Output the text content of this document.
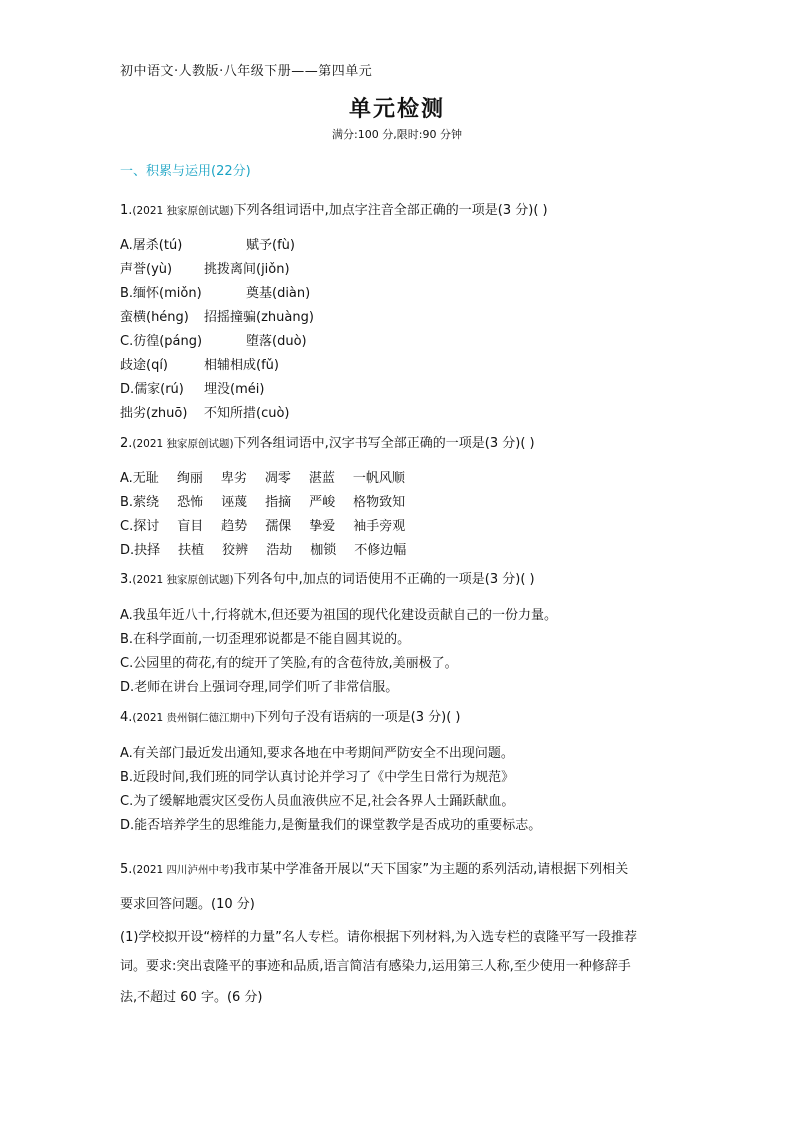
初中语文·人教版·八年级下册——第四单元
单元检测
满分:100 分,限时:90 分钟
一、积累与运用(22分)
1.(2021 独家原创试题)下列各组词语中,加点字注音全部正确的一项是(3 分)( )
A.屠杀(tú)	赋予(fù)
声誉(yù) 挑拨离间(jiǒn)
B.缅怀(miǒn)	奠基(diàn)
蛮横(héng) 招摇撞骗(zhuàng)
C.彷徨(páng)	堕落(duò)
歧途(qí)	相辅相成(fǔ)
D.儒家(rú) 埋没(méi)
拙劣(zhuō) 不知所措(cuò)
2.(2021 独家原创试题)下列各组词语中,汉字书写全部正确的一项是(3 分)( )
A.无耻 绚丽 卑劣 凋零 湛蓝 一帆风顺
B.萦绕 恐怖 诬蔑 指摘 严峻 格物致知
C.探讨 盲目 趋势 孺倮 挚爱 袖手旁观
D.抉择 扶植 狡辨 浩劫 枷锁 不修边幅
3.(2021 独家原创试题)下列各句中,加点的词语使用不正确的一项是(3 分)( )
A.我虽年近八十,行将就木,但还要为祖国的现代化建设贡献自己的一份力量。
B.在科学面前,一切歪理邪说都是不能自圆其说的。
C.公园里的荷花,有的绽开了笑脸,有的含苞待放,美丽极了。
D.老师在讲台上强词夺理,同学们听了非常信服。
4.(2021 贵州铜仁德江期中)下列句子没有语病的一项是(3 分)( )
A.有关部门最近发出通知,要求各地在中考期间严防安全不出现问题。
B.近段时间,我们班的同学认真讨论并学习了《中学生日常行为规范》
C.为了缓解地震灾区受伤人员血液供应不足,社会各界人士踊跃献血。
D.能否培养学生的思维能力,是衡量我们的课堂教学是否成功的重要标志。
5.(2021 四川泸州中考)我市某中学准备开展以“天下国家”为主题的系列活动,请根据下列相关
要求回答问题。(10 分)
(1)学校拟开设“榜样的力量”名人专栏。请你根据下列材料,为入选专栏的袁隆平写一段推荐
词。要求:突出袁隆平的事迹和品质,语言简洁有感染力,运用第三人称,至少使用一种修辞手
法,不超过 60 字。(6 分)
